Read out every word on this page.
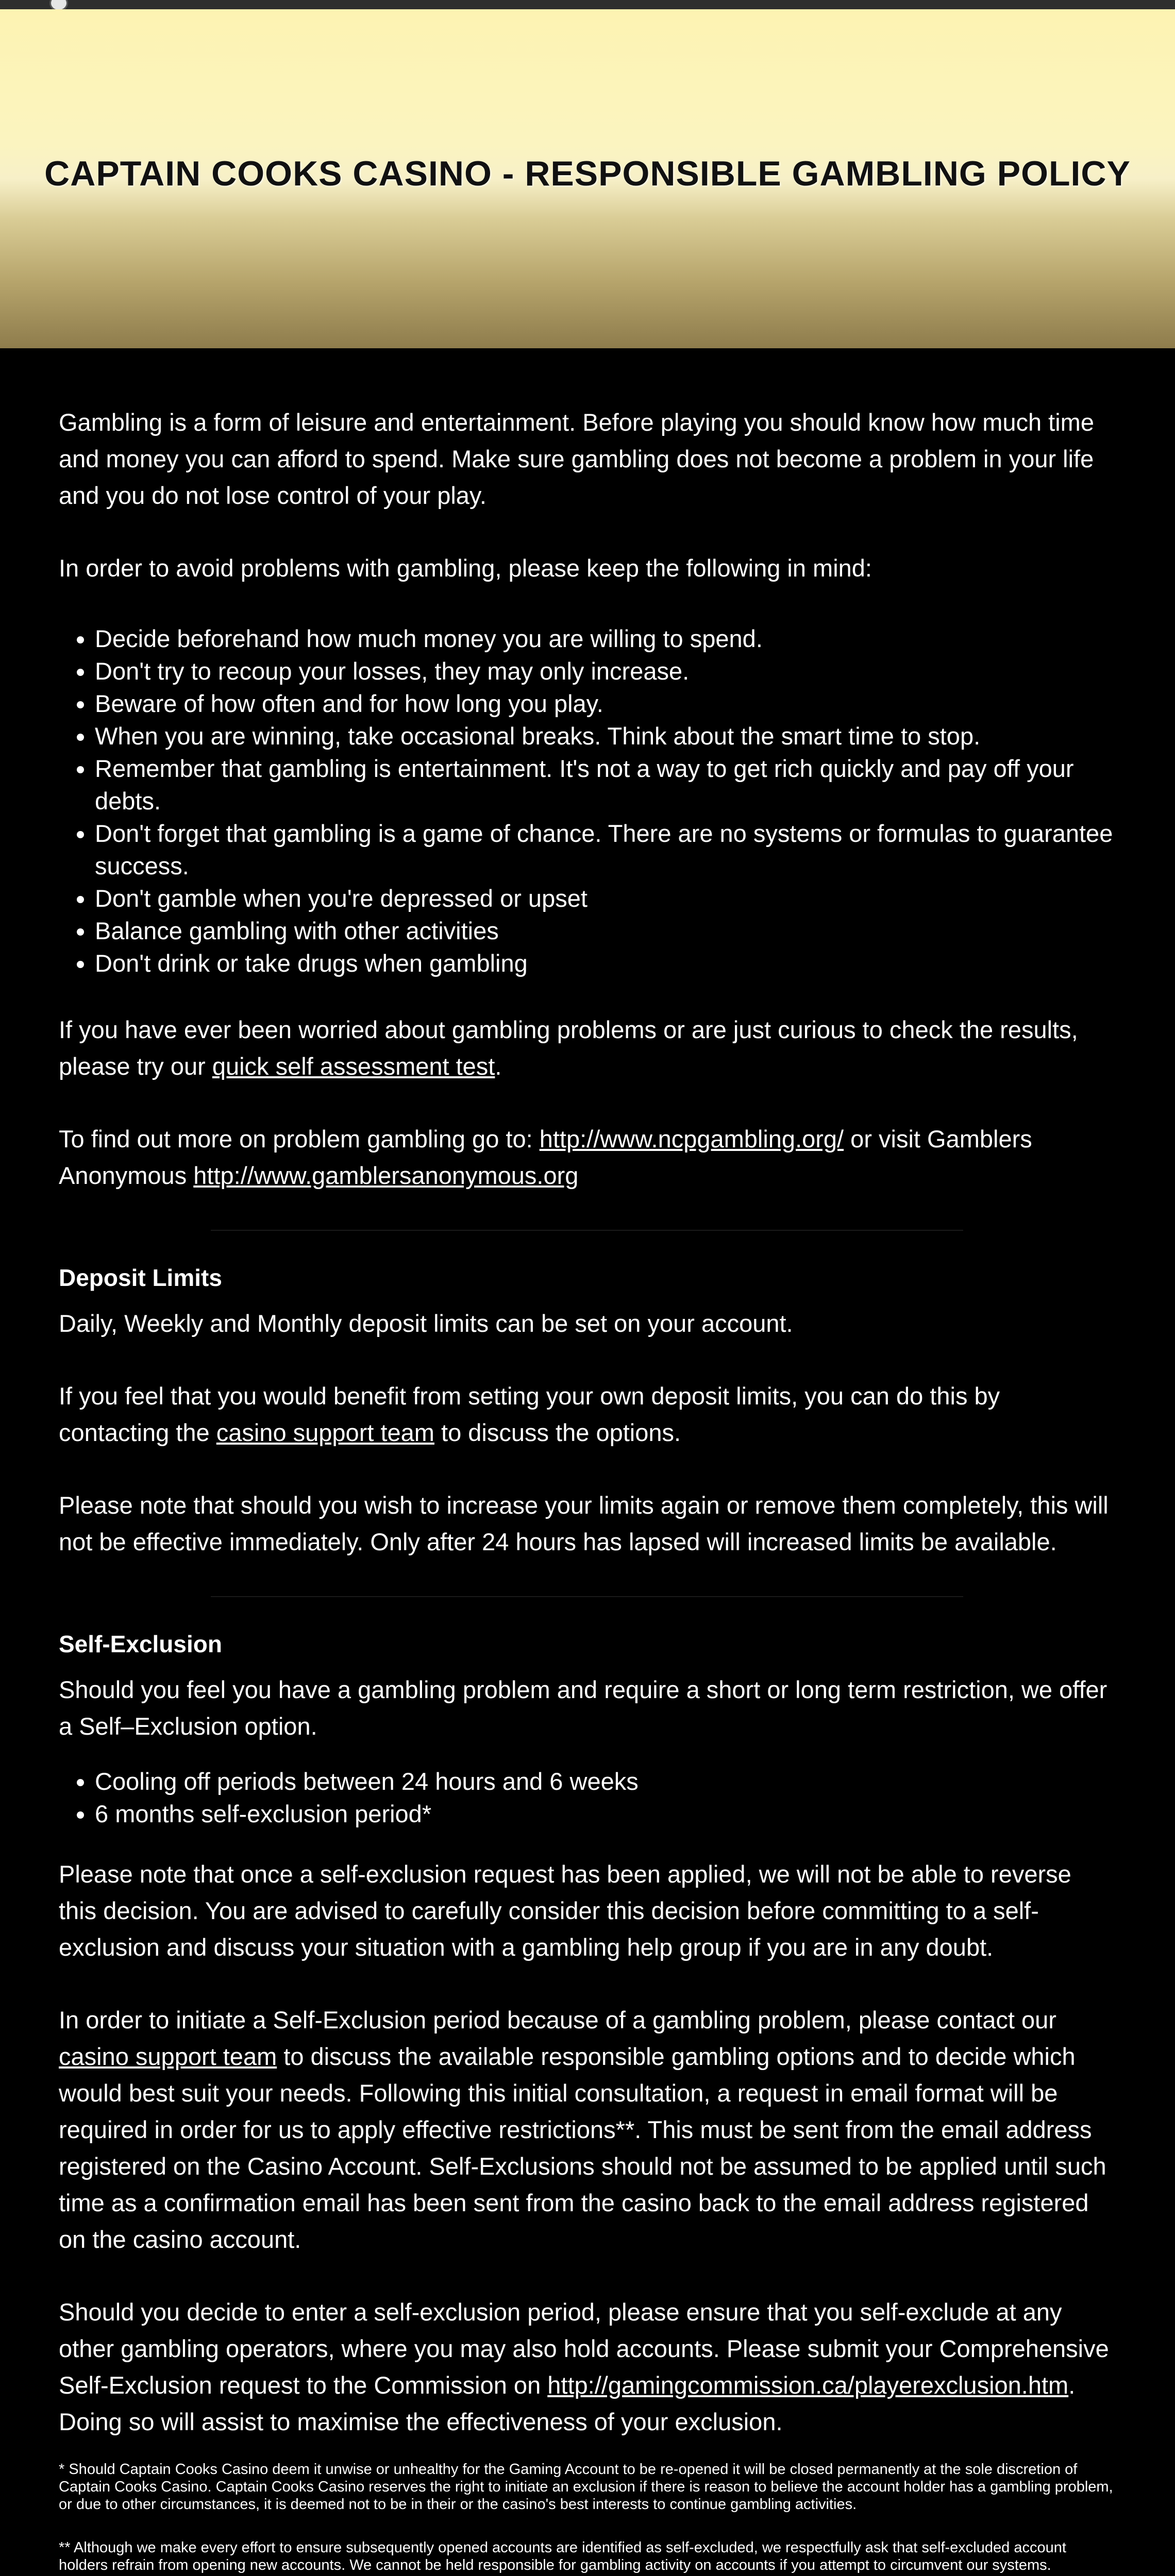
CAPTAIN COOKS CASINO - RESPONSIBLE GAMBLING POLICY

Gambling is a form of leisure and entertainment. Before playing you should know how much time and money you can afford to spend. Make sure gambling does not become a problem in your life and you do not lose control of your play.

In order to avoid problems with gambling, please keep the following in mind:

• Decide beforehand how much money you are willing to spend.
• Don't try to recoup your losses, they may only increase.
• Beware of how often and for how long you play.
• When you are winning, take occasional breaks. Think about the smart time to stop.
• Remember that gambling is entertainment. It's not a way to get rich quickly and pay off your debts.
• Don't forget that gambling is a game of chance. There are no systems or formulas to guarantee success.
• Don't gamble when you're depressed or upset
• Balance gambling with other activities
• Don't drink or take drugs when gambling

If you have ever been worried about gambling problems or are just curious to check the results, please try our quick self assessment test.

To find out more on problem gambling go to: http://www.ncpgambling.org/ or visit Gamblers Anonymous http://www.gamblersanonymous.org

Deposit Limits

Daily, Weekly and Monthly deposit limits can be set on your account.

If you feel that you would benefit from setting your own deposit limits, you can do this by contacting the casino support team to discuss the options.

Please note that should you wish to increase your limits again or remove them completely, this will not be effective immediately. Only after 24 hours has lapsed will increased limits be available.

Self-Exclusion

Should you feel you have a gambling problem and require a short or long term restriction, we offer a Self–Exclusion option.

• Cooling off periods between 24 hours and 6 weeks
• 6 months self-exclusion period*

Please note that once a self-exclusion request has been applied, we will not be able to reverse this decision. You are advised to carefully consider this decision before committing to a self-exclusion and discuss your situation with a gambling help group if you are in any doubt.

In order to initiate a Self-Exclusion period because of a gambling problem, please contact our casino support team to discuss the available responsible gambling options and to decide which would best suit your needs. Following this initial consultation, a request in email format will be required in order for us to apply effective restrictions**. This must be sent from the email address registered on the Casino Account. Self-Exclusions should not be assumed to be applied until such time as a confirmation email has been sent from the casino back to the email address registered on the casino account.

Should you decide to enter a self-exclusion period, please ensure that you self-exclude at any other gambling operators, where you may also hold accounts. Please submit your Comprehensive Self-Exclusion request to the Commission on http://gamingcommission.ca/playerexclusion.htm. Doing so will assist to maximise the effectiveness of your exclusion.

* Should Captain Cooks Casino deem it unwise or unhealthy for the Gaming Account to be re-opened it will be closed permanently at the sole discretion of Captain Cooks Casino. Captain Cooks Casino reserves the right to initiate an exclusion if there is reason to believe the account holder has a gambling problem, or due to other circumstances, it is deemed not to be in their or the casino's best interests to continue gambling activities.

** Although we make every effort to ensure subsequently opened accounts are identified as self-excluded, we respectfully ask that self-excluded account holders refrain from opening new accounts. We cannot be held responsible for gambling activity on accounts if you attempt to circumvent our systems.
